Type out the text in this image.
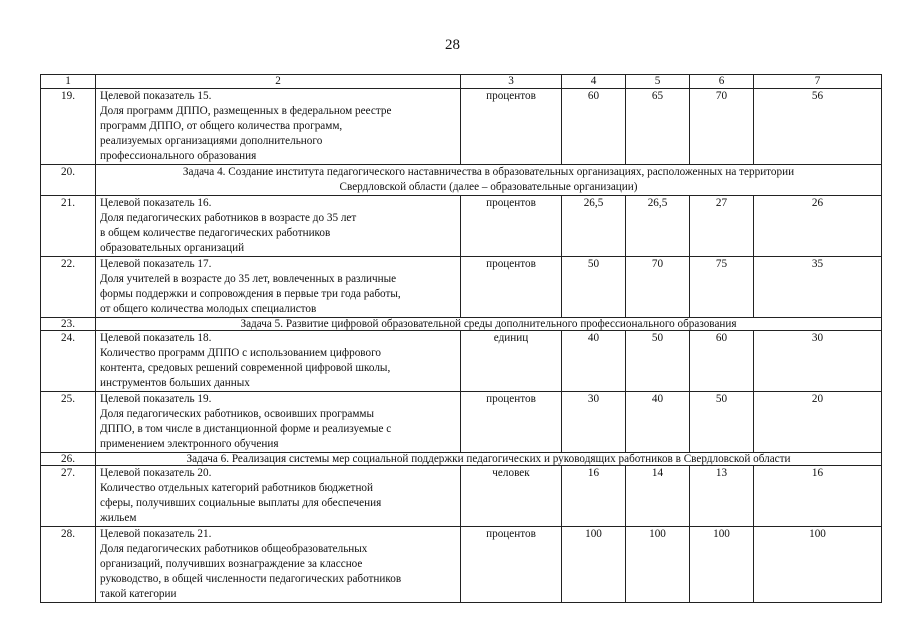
28
1	2	3	4	5	6	7
19.	Целевой показатель 15.
Доля программ ДППО, размещенных в федеральном реестре
программ ДППО, от общего количества программ,
реализуемых организациями дополнительного
профессионального образования	процентов	60	65	70	56
20.	Задача 4. Создание института педагогического наставничества в образовательных организациях, расположенных на территории
Свердловской области (далее – образовательные организации)					

21.	Целевой показатель 16.
Доля педагогических работников в возрасте до 35 лет
в общем количестве педагогических работников
образовательных организаций	процентов	26,5	26,5	27	26
22.	Целевой показатель 17.
Доля учителей в возрасте до 35 лет, вовлеченных в различные
формы поддержки и сопровождения в первые три года работы,
от общего количества молодых специалистов	процентов	50	70	75	35
23.	Задача 5. Развитие цифровой образовательной среды дополнительного профессионального образования					

24.	Целевой показатель 18.
Количество программ ДППО с использованием цифрового
контента, средовых решений современной цифровой школы,
инструментов больших данных	единиц	40	50	60	30
25.	Целевой показатель 19.
Доля педагогических работников, освоивших программы
ДППО, в том числе в дистанционной форме и реализуемые с
применением электронного обучения	процентов	30	40	50	20
26.	Задача 6. Реализация системы мер социальной поддержки педагогических и руководящих работников в Свердловской области					

27.	Целевой показатель 20.
Количество отдельных категорий работников бюджетной
сферы, получивших социальные выплаты для обеспечения
жильем	человек	16	14	13	16
28.	Целевой показатель 21.
Доля педагогических работников общеобразовательных
организаций, получивших вознаграждение за классное
руководство, в общей численности педагогических работников
такой категории	процентов	100	100	100	100
